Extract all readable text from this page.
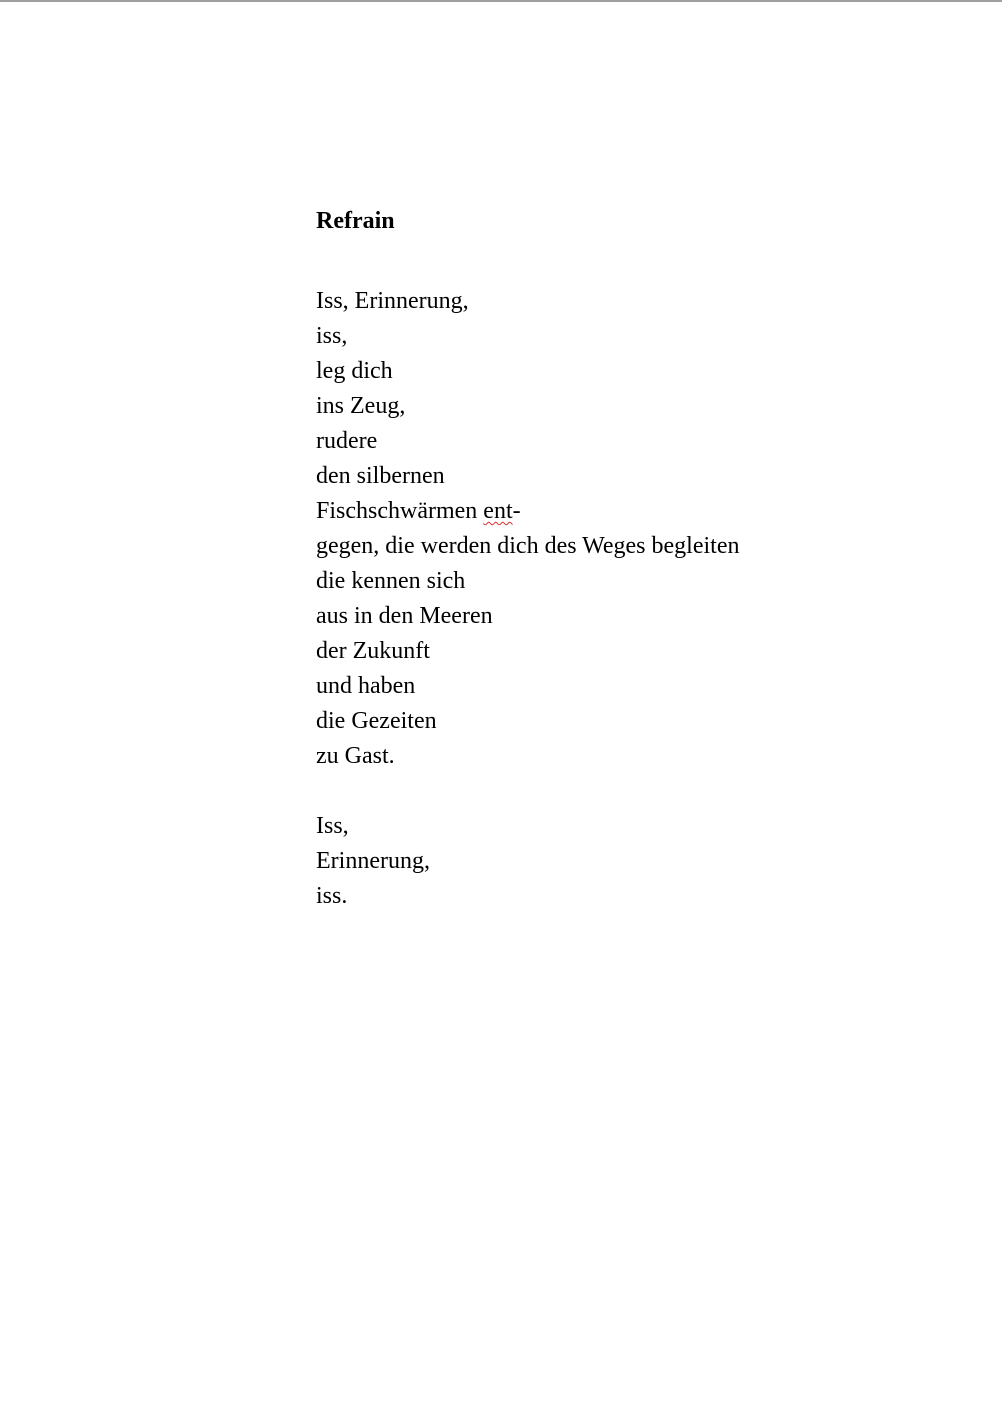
Refrain
Iss, Erinnerung,
iss,
leg dich
ins Zeug,
rudere
den silbernen
Fischschwärmen ent-
gegen, die werden dich des Weges begleiten
die kennen sich
aus in den Meeren
der Zukunft
und haben
die Gezeiten
zu Gast.
Iss,
Erinnerung,
iss.
